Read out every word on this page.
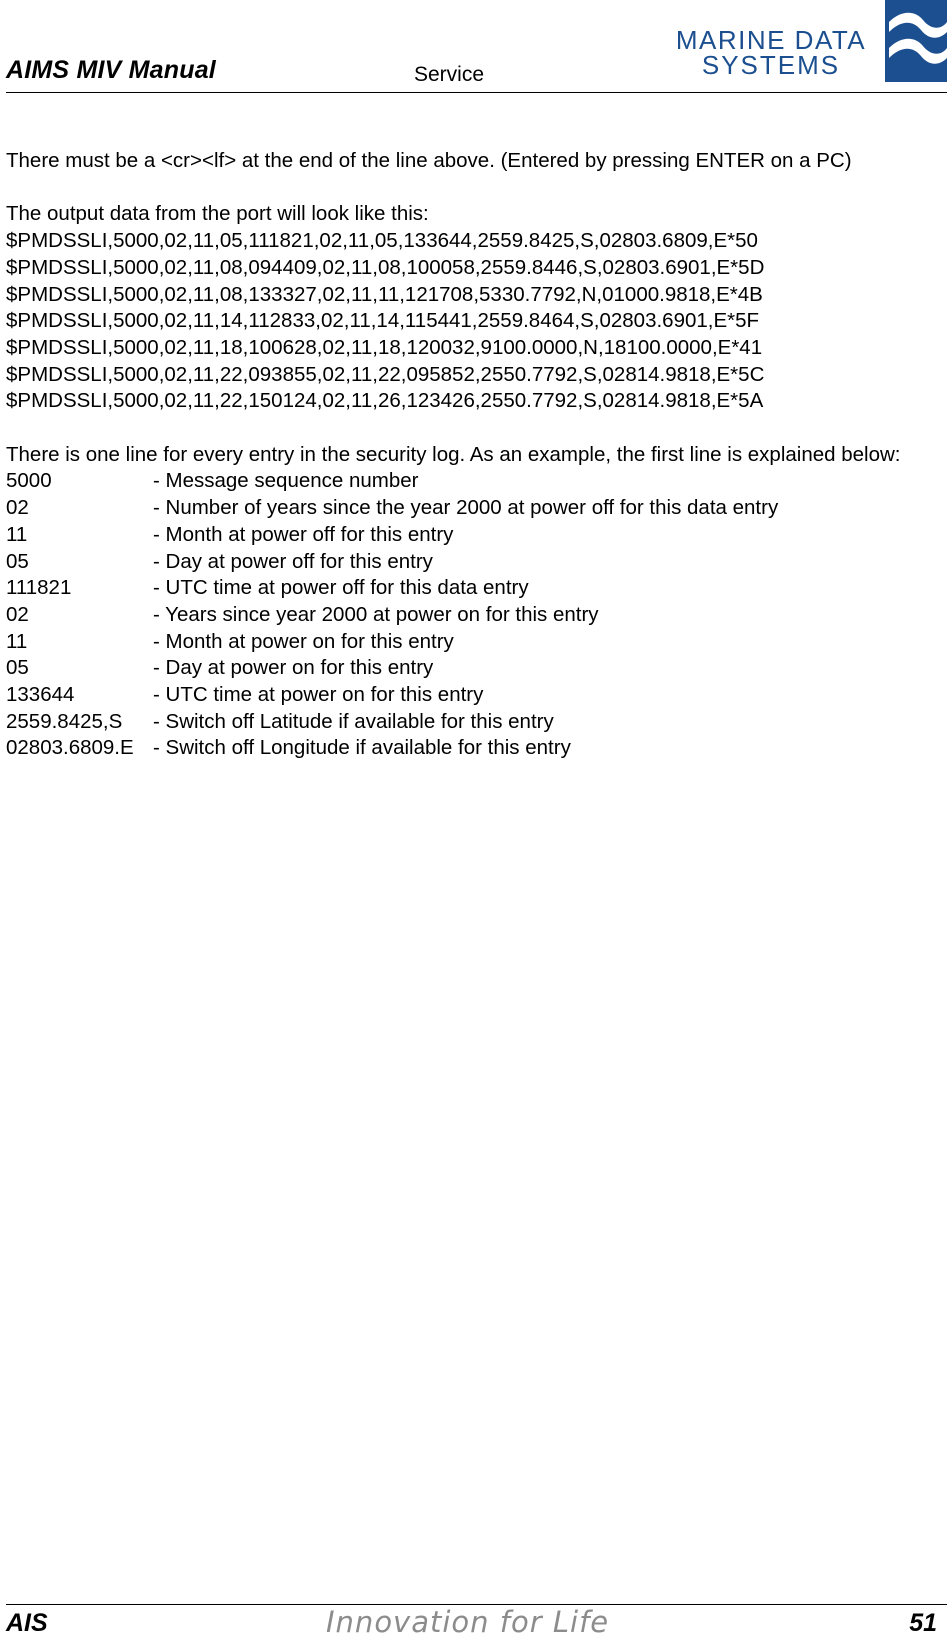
AIMS MIV Manual	Service
MARINE DATA
SYSTEMS

There must be a <cr><lf> at the end of the line above. (Entered by pressing ENTER on a PC)

The output data from the port will look like this:

$PMDSSLI,5000,02,11,05,111821,02,11,05,133644,2559.8425,S,02803.6809,E*50

$PMDSSLI,5000,02,11,08,094409,02,11,08,100058,2559.8446,S,02803.6901,E*5D

$PMDSSLI,5000,02,11,08,133327,02,11,11,121708,5330.7792,N,01000.9818,E*4B

$PMDSSLI,5000,02,11,14,112833,02,11,14,115441,2559.8464,S,02803.6901,E*5F

$PMDSSLI,5000,02,11,18,100628,02,11,18,120032,9100.0000,N,18100.0000,E*41

$PMDSSLI,5000,02,11,22,093855,02,11,22,095852,2550.7792,S,02814.9818,E*5C

$PMDSSLI,5000,02,11,22,150124,02,11,26,123426,2550.7792,S,02814.9818,E*5A

There is one line for every entry in the security log. As an example, the first line is explained below:

5000	- Message sequence number
02	- Number of years since the year 2000 at power off for this data entry
11	- Month at power off for this entry
05	- Day at power off for this entry
111821	- UTC time at power off for this data entry
02	- Years since year 2000 at power on for this entry
11	- Month at power on for this entry
05	- Day at power on for this entry
133644	- UTC time at power on for this entry
2559.8425,S	- Switch off Latitude if available for this entry
02803.6809.E - Switch off Longitude if available for this entry
AIS	Innovation for Life	51
